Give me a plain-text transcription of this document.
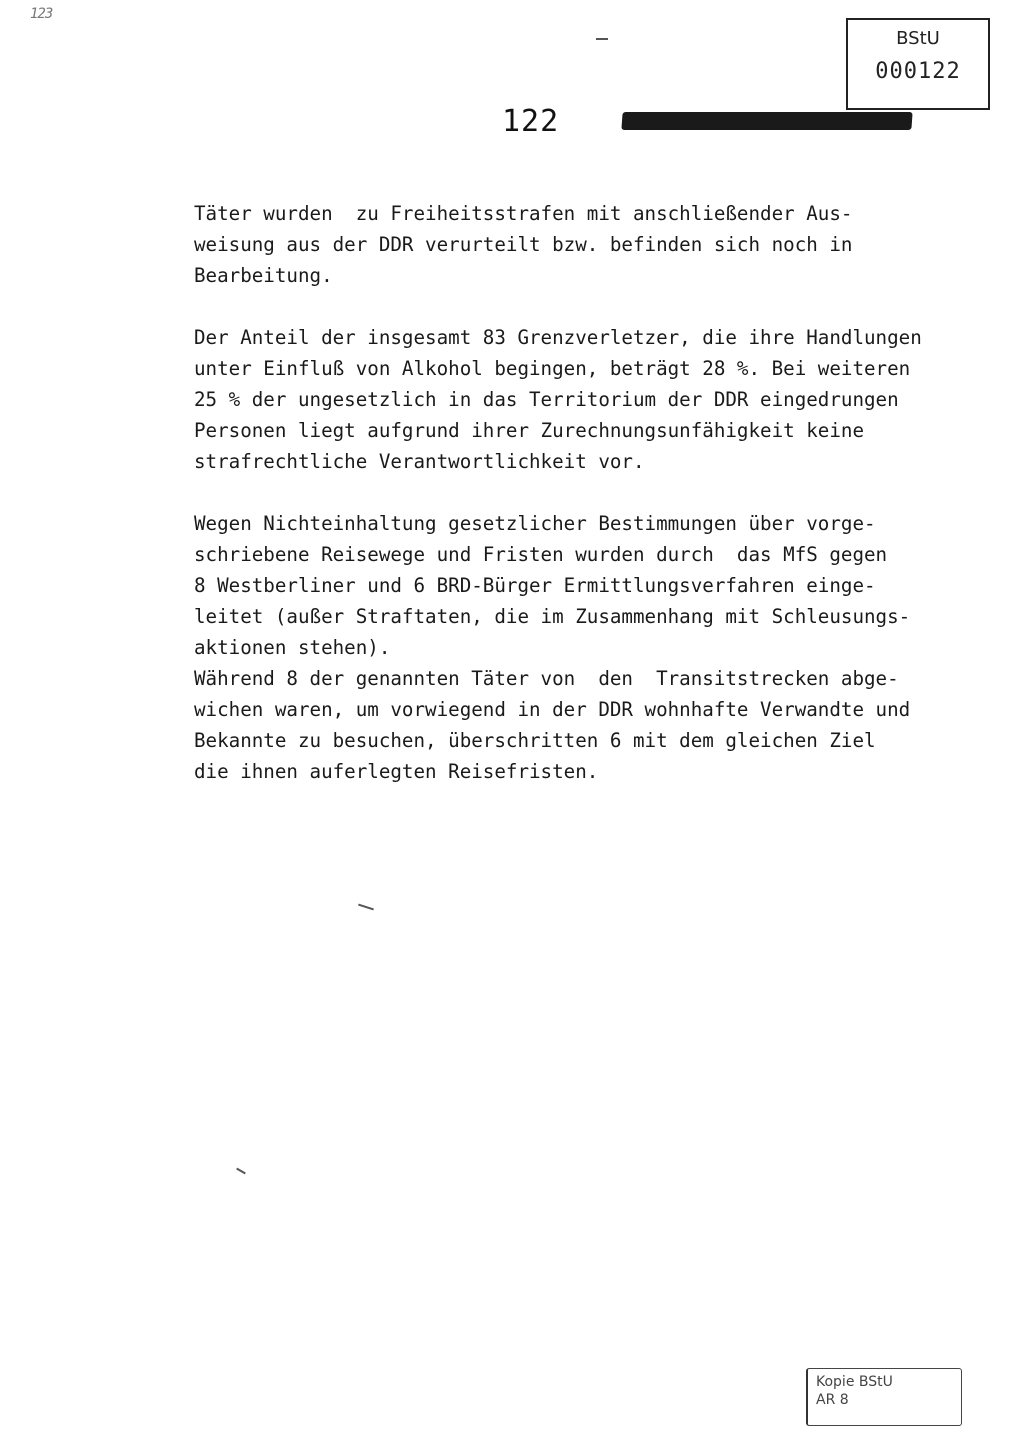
123
BStU
000122
122
Täter wurden  zu Freiheitsstrafen mit anschließender Aus-
weisung aus der DDR verurteilt bzw. befinden sich noch in
Bearbeitung.
Der Anteil der insgesamt 83 Grenzverletzer, die ihre Handlungen
unter Einfluß von Alkohol begingen, beträgt 28 %. Bei weiteren
25 % der ungesetzlich in das Territorium der DDR eingedrungen
Personen liegt aufgrund ihrer Zurechnungsunfähigkeit keine
strafrechtliche Verantwortlichkeit vor.
Wegen Nichteinhaltung gesetzlicher Bestimmungen über vorge-
schriebene Reisewege und Fristen wurden durch  das MfS gegen
8 Westberliner und 6 BRD-Bürger Ermittlungsverfahren einge-
leitet (außer Straftaten, die im Zusammenhang mit Schleusungs-
aktionen stehen).
Während 8 der genannten Täter von  den  Transitstrecken abge-
wichen waren, um vorwiegend in der DDR wohnhafte Verwandte und
Bekannte zu besuchen, überschritten 6 mit dem gleichen Ziel
die ihnen auferlegten Reisefristen.
Kopie BStU
AR 8
